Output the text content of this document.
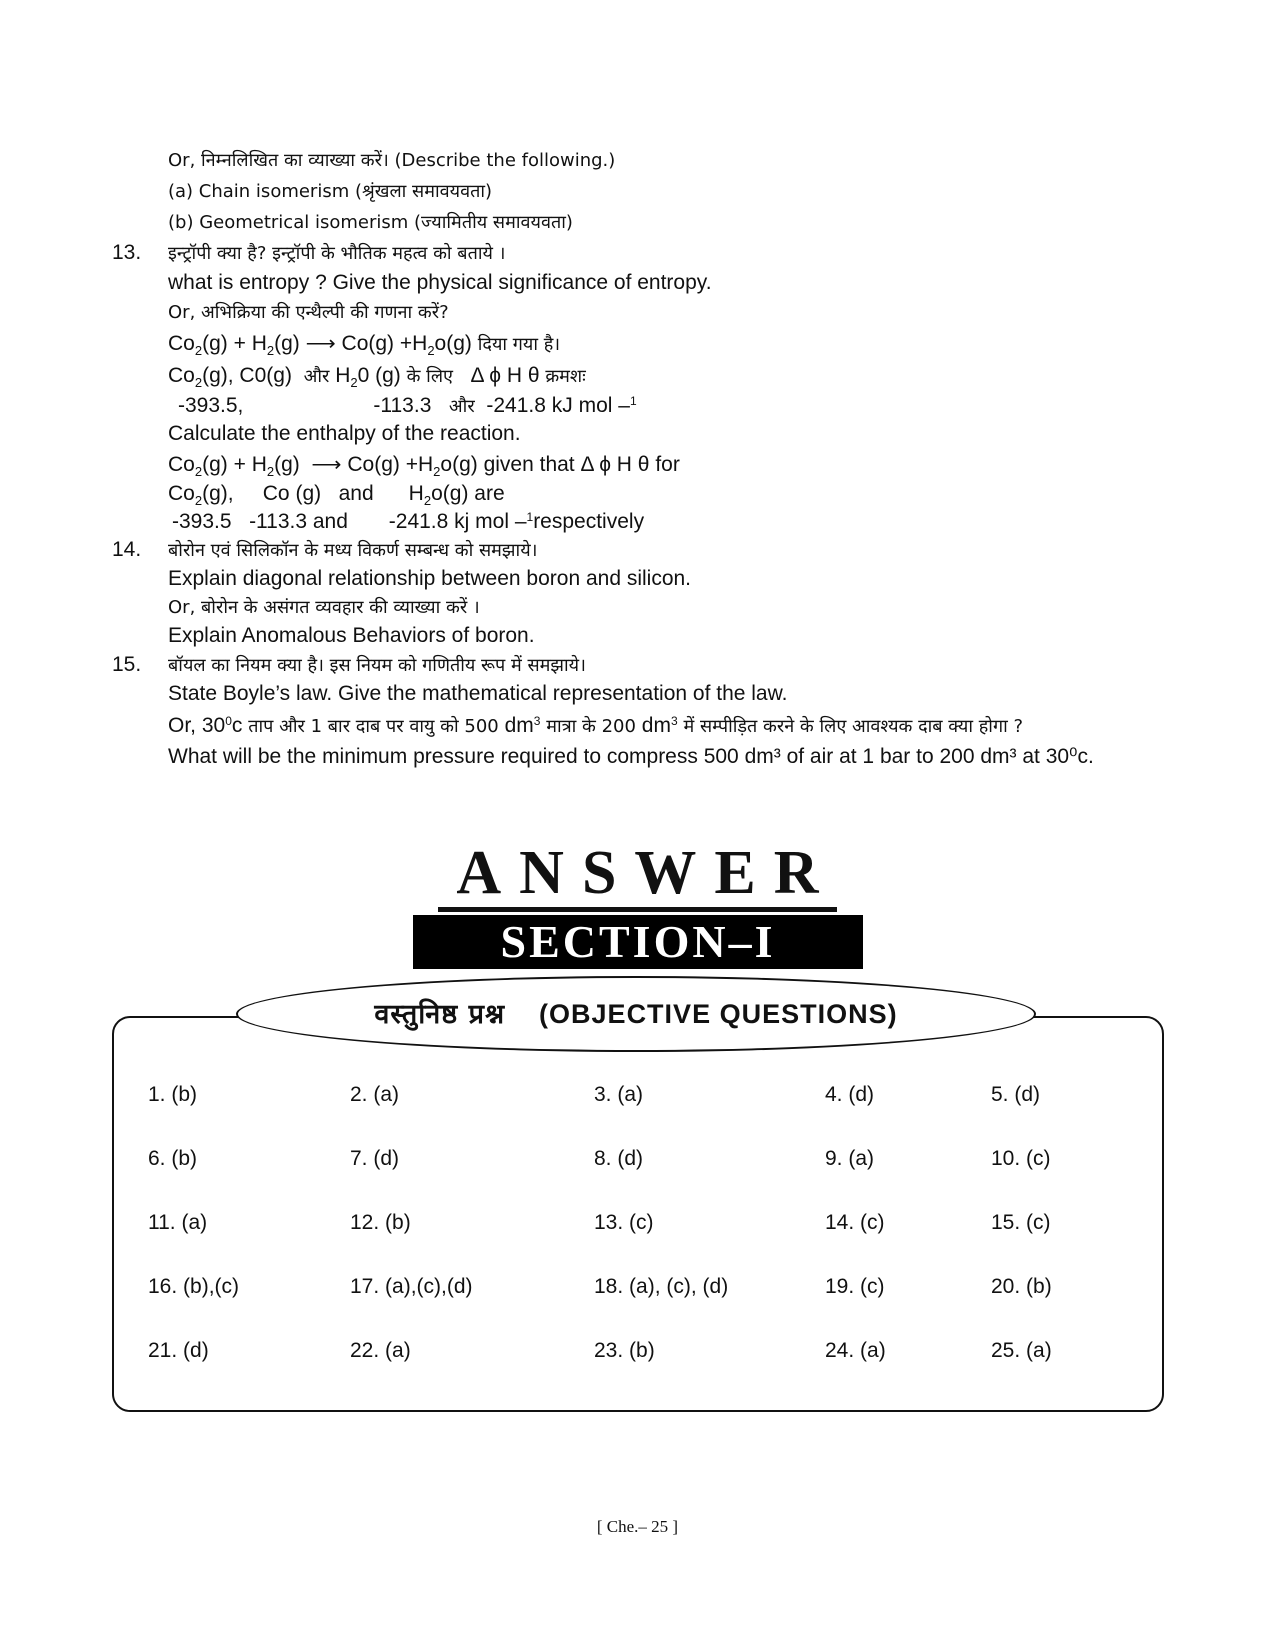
Or, निम्नलिखित का व्याख्या करें। (Describe the following.)
(a) Chain isomerism (श्रृंखला समावयवता)
(b) Geometrical isomerism (ज्यामितीय समावयवता)
13. इन्ट्रॉपी क्या है? इन्ट्रॉपी के भौतिक महत्व को बताये ।
what is entropy ? Give the physical significance of entropy.
Or, अभिक्रिया की एन्थैल्पी की गणना करें?
$Co_2(g) + H_2(g)$ ⟶ $Co(g) +H_2o(g)$ दिया गया है।
$Co_2(g)$, C0(g)  और $H_20$ (g) के लिए   Δ ϕ H θ क्रमशः
-393.5,	-113.3 और -241.8 kJ mol –$^1$
Calculate the enthalpy of the reaction.
$Co_2(g) + H_2(g)$  ⟶ $Co(g) +H_2o(g)$ given that Δ ϕ H θ for
$Co_2(g)$,     Co (g)   and      $H_2o(g)$ are
-393.5 -113.3 and -241.8 kj mol –$^1$respectively
14. बोरोन एवं सिलिकॉन के मध्य विकर्ण सम्बन्ध को समझाये।
Explain diagonal relationship between boron and silicon.
Or, बोरोन के असंगत व्यवहार की व्याख्या करें ।
Explain Anomalous Behaviors of boron.
15. बॉयल का नियम क्या है। इस नियम को गणितीय रूप में समझाये।
State Boyle’s law. Give the mathematical representation of the law.
Or, $30^0c$ ताप और 1 बार दाब पर वायु को 500 $dm^3$ मात्रा के 200 $dm^3$ में सम्पीड़ित करने के लिए आवश्यक दाब क्या होगा ?
What will be the minimum pressure required to compress 500 dm³ of air at 1 bar to 200 dm³ at 30⁰c.
ANSWER
SECTION–I
वस्तुनिष्ठ प्रश्न (OBJECTIVE QUESTIONS)
1. (b)	2. (a)	3. (a)	4. (d)	5. (d)
6. (b)	7. (d)	8. (d)	9. (a)	10. (c)
11. (a)	12. (b)	13. (c)	14. (c)	15. (c)
16. (b),(c)	17. (a),(c),(d)	18. (a), (c), (d)	19. (c)	20. (b)
21. (d)	22. (a)	23. (b)	24. (a)	25. (a)
[ Che.– 25 ]
